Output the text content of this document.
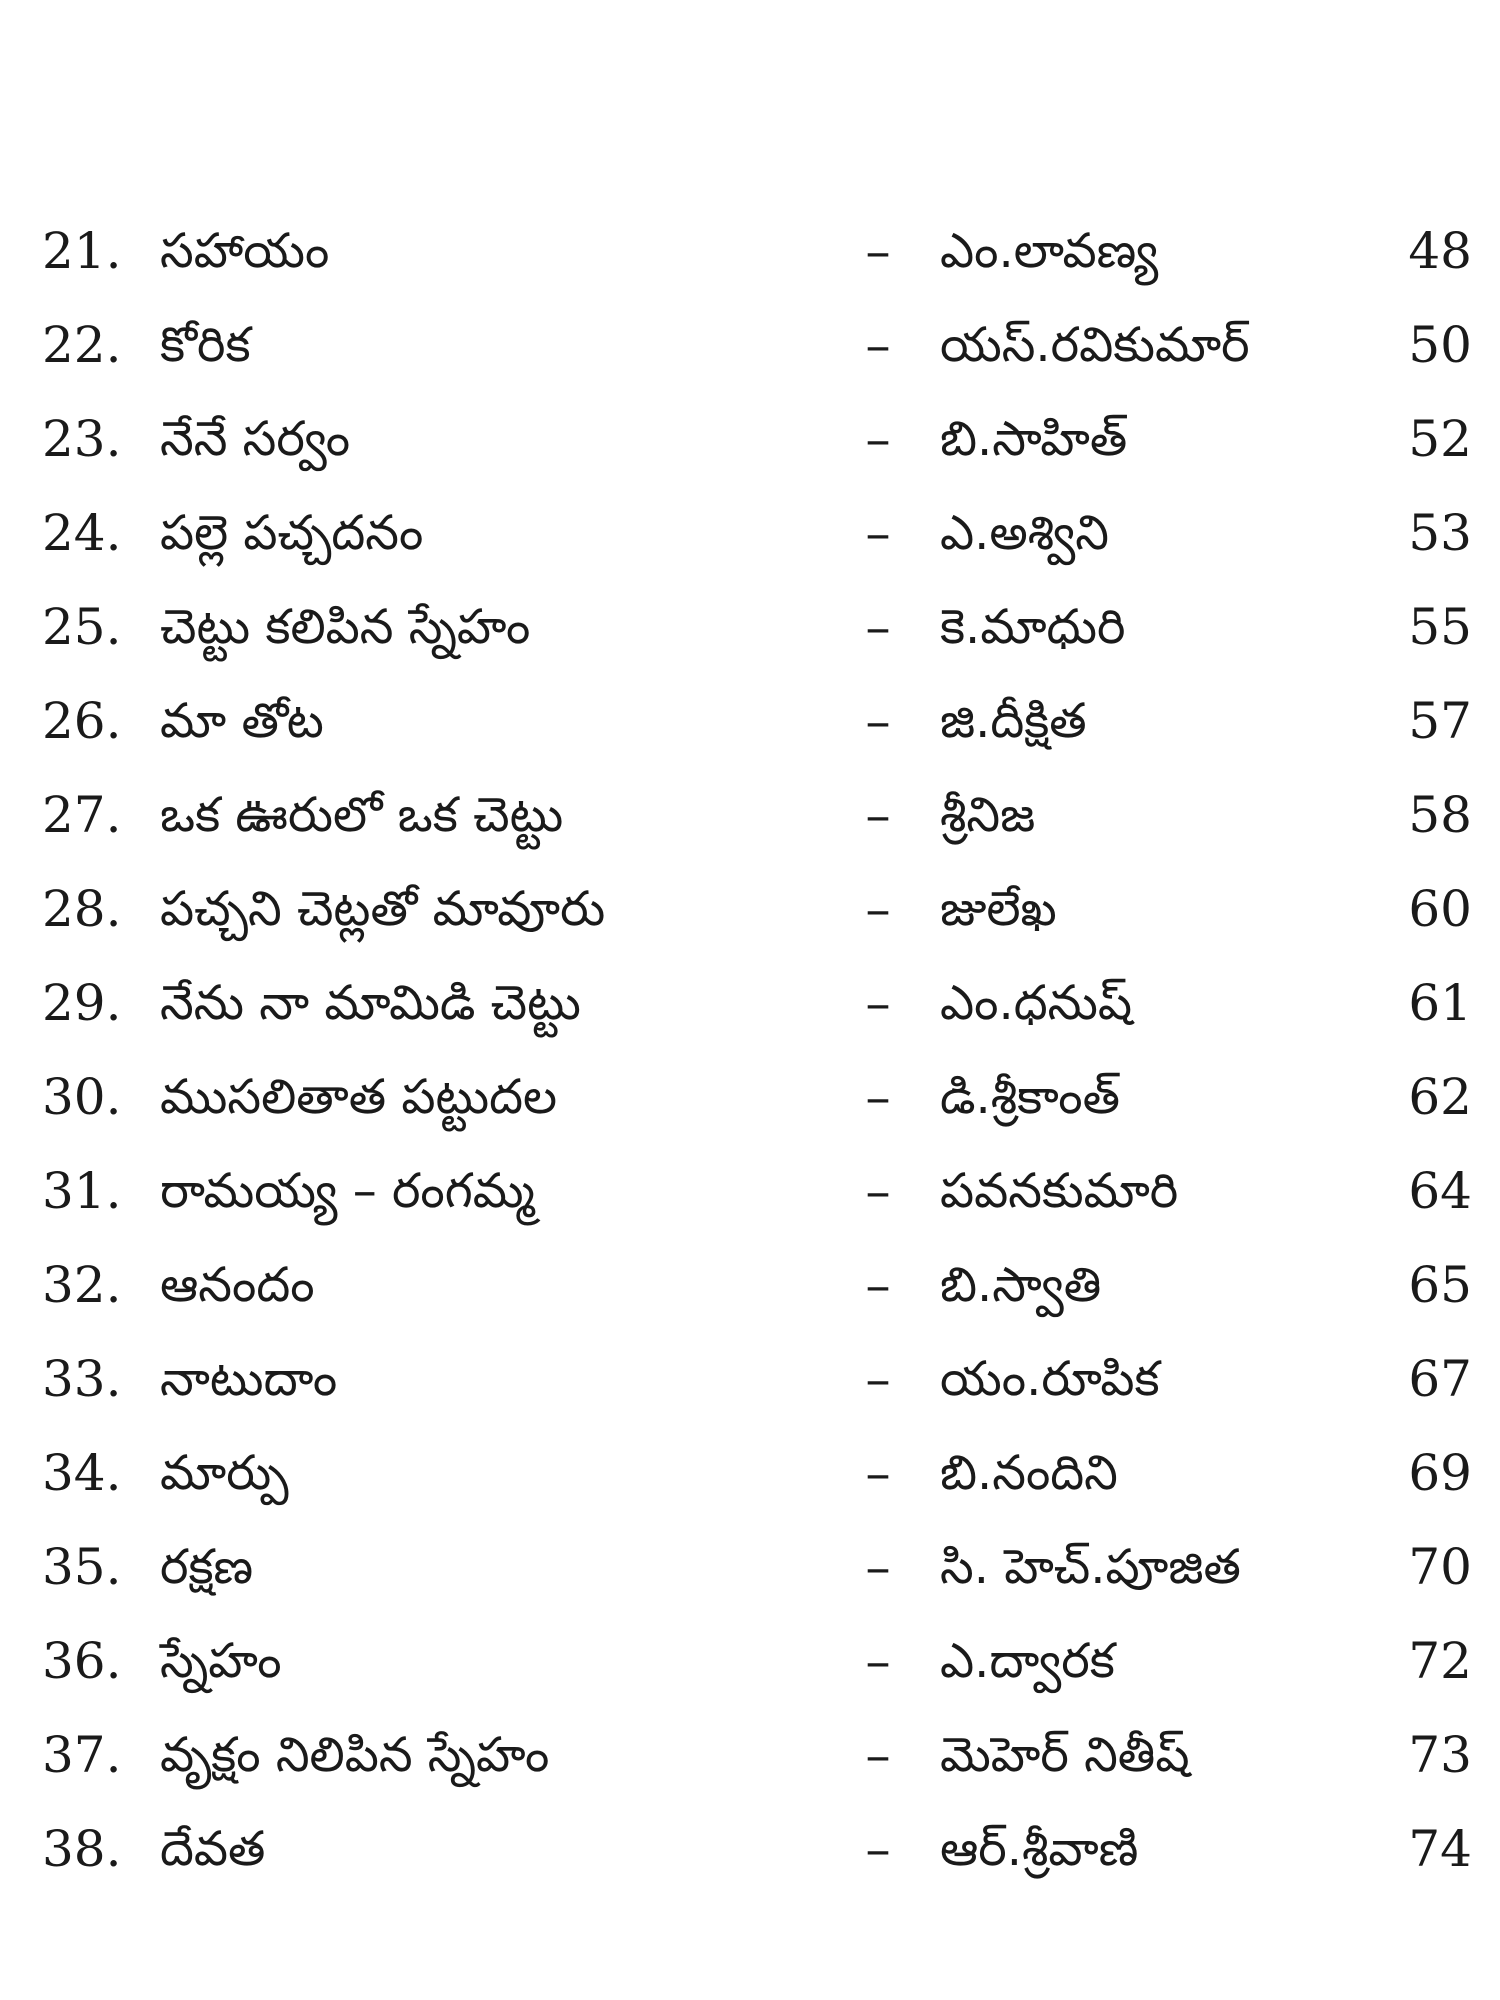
21. సహాయం	– ఎం.లావణ్య	48
22. కోరిక	– యస్.రవికుమార్	50
23. నేనే సర్వం	– బి.సాహిత్	52
24. పల్లె పచ్చదనం	– ఎ.అశ్విని	53
25. చెట్టు కలిపిన స్నేహం	– కె.మాధురి	55
26. మా తోట	– జి.దీక్షిత	57
27. ఒక ఊరులో ఒక చెట్టు	– శ్రీనిజ	58
28. పచ్చని చెట్లతో మావూరు	– జులేఖ	60
29. నేను నా మామిడి చెట్టు	– ఎం.ధనుష్	61
30. ముసలితాత పట్టుదల	– డి.శ్రీకాంత్	62
31. రామయ్య – రంగమ్మ	– పవనకుమారి	64
32. ఆనందం	– బి.స్వాతి	65
33. నాటుదాం	– యం.రూపిక	67
34. మార్పు	– బి.నందిని	69
35. రక్షణ	– సి. హెచ్.పూజిత	70
36. స్నేహం	– ఎ.ద్వారక	72
37. వృక్షం నిలిపిన స్నేహం	– మెహెర్ నితీష్	73
38. దేవత	– ఆర్.శ్రీవాణి	74
